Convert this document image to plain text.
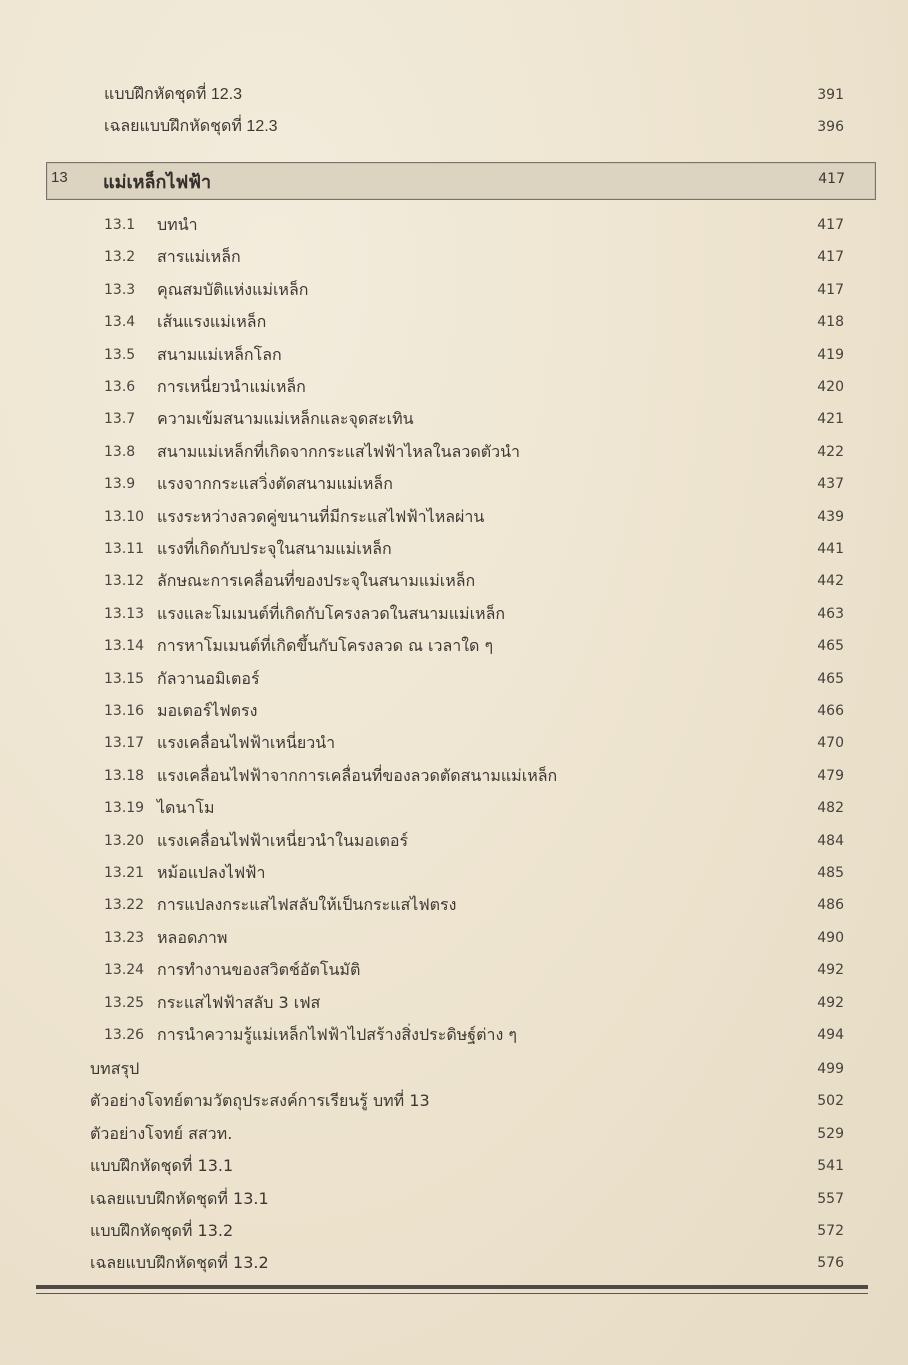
แบบฝึกหัดชุดที่ 12.3	391
เฉลยแบบฝึกหัดชุดที่ 12.3	396
13 แม่เหล็กไฟฟ้า	417
13.1 บทนำ	417
13.2 สารแม่เหล็ก	417
13.3 คุณสมบัติแห่งแม่เหล็ก	417
13.4 เส้นแรงแม่เหล็ก	418
13.5 สนามแม่เหล็กโลก	419
13.6 การเหนี่ยวนำแม่เหล็ก	420
13.7 ความเข้มสนามแม่เหล็กและจุดสะเทิน	421
13.8 สนามแม่เหล็กที่เกิดจากกระแสไฟฟ้าไหลในลวดตัวนำ	422
13.9 แรงจากกระแสวิ่งตัดสนามแม่เหล็ก	437
13.10 แรงระหว่างลวดคู่ขนานที่มีกระแสไฟฟ้าไหลผ่าน	439
13.11 แรงที่เกิดกับประจุในสนามแม่เหล็ก	441
13.12 ลักษณะการเคลื่อนที่ของประจุในสนามแม่เหล็ก	442
13.13 แรงและโมเมนต์ที่เกิดกับโครงลวดในสนามแม่เหล็ก	463
13.14 การหาโมเมนต์ที่เกิดขึ้นกับโครงลวด ณ เวลาใด ๆ	465
13.15 กัลวานอมิเตอร์	465
13.16 มอเตอร์ไฟตรง	466
13.17 แรงเคลื่อนไฟฟ้าเหนี่ยวนำ	470
13.18 แรงเคลื่อนไฟฟ้าจากการเคลื่อนที่ของลวดตัดสนามแม่เหล็ก	479
13.19 ไดนาโม	482
13.20 แรงเคลื่อนไฟฟ้าเหนี่ยวนำในมอเตอร์	484
13.21 หม้อแปลงไฟฟ้า	485
13.22 การแปลงกระแสไฟสลับให้เป็นกระแสไฟตรง	486
13.23 หลอดภาพ	490
13.24 การทำงานของสวิตช์อัตโนมัติ	492
13.25 กระแสไฟฟ้าสลับ 3 เฟส	492
13.26 การนำความรู้แม่เหล็กไฟฟ้าไปสร้างสิ่งประดิษฐ์ต่าง ๆ	494
บทสรุป	499
ตัวอย่างโจทย์ตามวัตถุประสงค์การเรียนรู้ บทที่ 13	502
ตัวอย่างโจทย์ สสวท.	529
แบบฝึกหัดชุดที่ 13.1	541
เฉลยแบบฝึกหัดชุดที่ 13.1	557
แบบฝึกหัดชุดที่ 13.2	572
เฉลยแบบฝึกหัดชุดที่ 13.2	576
